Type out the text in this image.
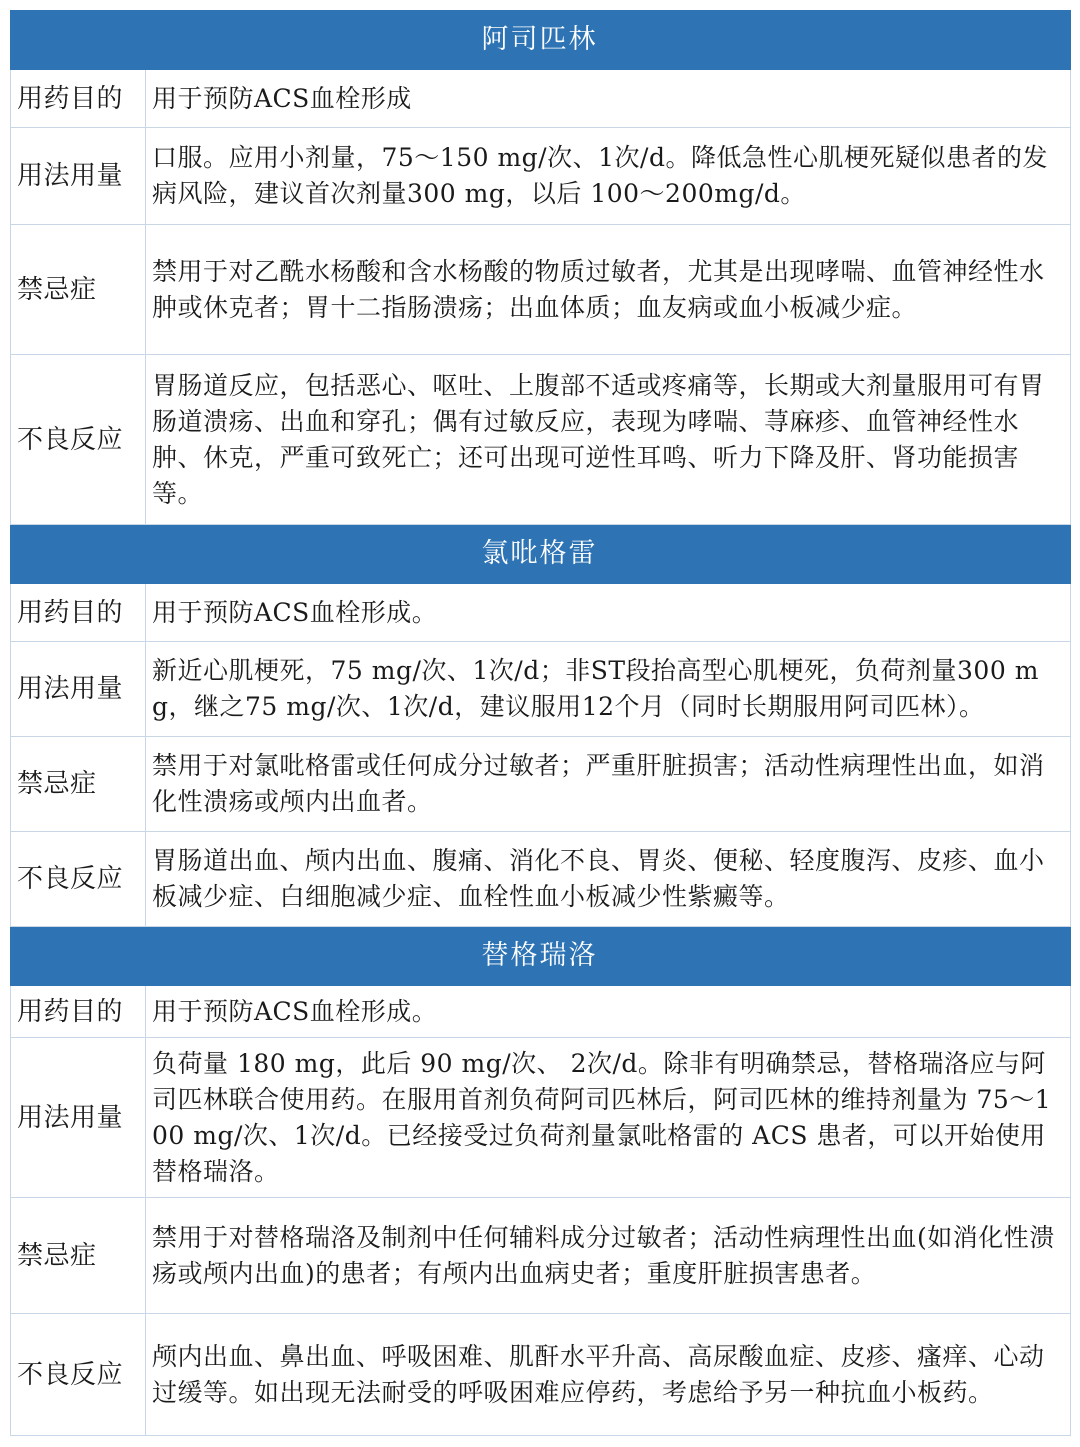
阿司匹林	
用药目的	用于预防ACS血栓形成
用法用量	口服。应用小剂量，75～150 mg/次、1次/d。降低急性心肌梗死疑似患者的发病风险，建议首次剂量300 mg，以后 100～200mg/d。
禁忌症	禁用于对乙酰水杨酸和含水杨酸的物质过敏者，尤其是出现哮喘、血管神经性水肿或休克者；胃十二指肠溃疡；出血体质；血友病或血小板减少症。
不良反应	胃肠道反应，包括恶心、呕吐、上腹部不适或疼痛等，长期或大剂量服用可有胃肠道溃疡、出血和穿孔；偶有过敏反应，表现为哮喘、荨麻疹、血管神经性水肿、休克，严重可致死亡；还可出现可逆性耳鸣、听力下降及肝、肾功能损害等。
氯吡格雷	
用药目的	用于预防ACS血栓形成。
用法用量	新近心肌梗死，75 mg/次、1次/d；非ST段抬高型心肌梗死，负荷剂量300 mg，继之75 mg/次、1次/d，建议服用12个月（同时长期服用阿司匹林）。
禁忌症	禁用于对氯吡格雷或任何成分过敏者；严重肝脏损害；活动性病理性出血，如消化性溃疡或颅内出血者。
不良反应	胃肠道出血、颅内出血、腹痛、消化不良、胃炎、便秘、轻度腹泻、皮疹、血小板减少症、白细胞减少症、血栓性血小板减少性紫癜等。
替格瑞洛	
用药目的	用于预防ACS血栓形成。
用法用量	负荷量 180 mg，此后 90 mg/次、 2次/d。除非有明确禁忌，替格瑞洛应与阿司匹林联合使用药。在服用首剂负荷阿司匹林后，阿司匹林的维持剂量为 75～100 mg/次、1次/d。已经接受过负荷剂量氯吡格雷的 ACS 患者，可以开始使用替格瑞洛。
禁忌症	禁用于对替格瑞洛及制剂中任何辅料成分过敏者；活动性病理性出血(如消化性溃疡或颅内出血)的患者；有颅内出血病史者；重度肝脏损害患者。
不良反应	颅内出血、鼻出血、呼吸困难、肌酐水平升高、高尿酸血症、皮疹、瘙痒、心动过缓等。如出现无法耐受的呼吸困难应停药，考虑给予另一种抗血小板药。
